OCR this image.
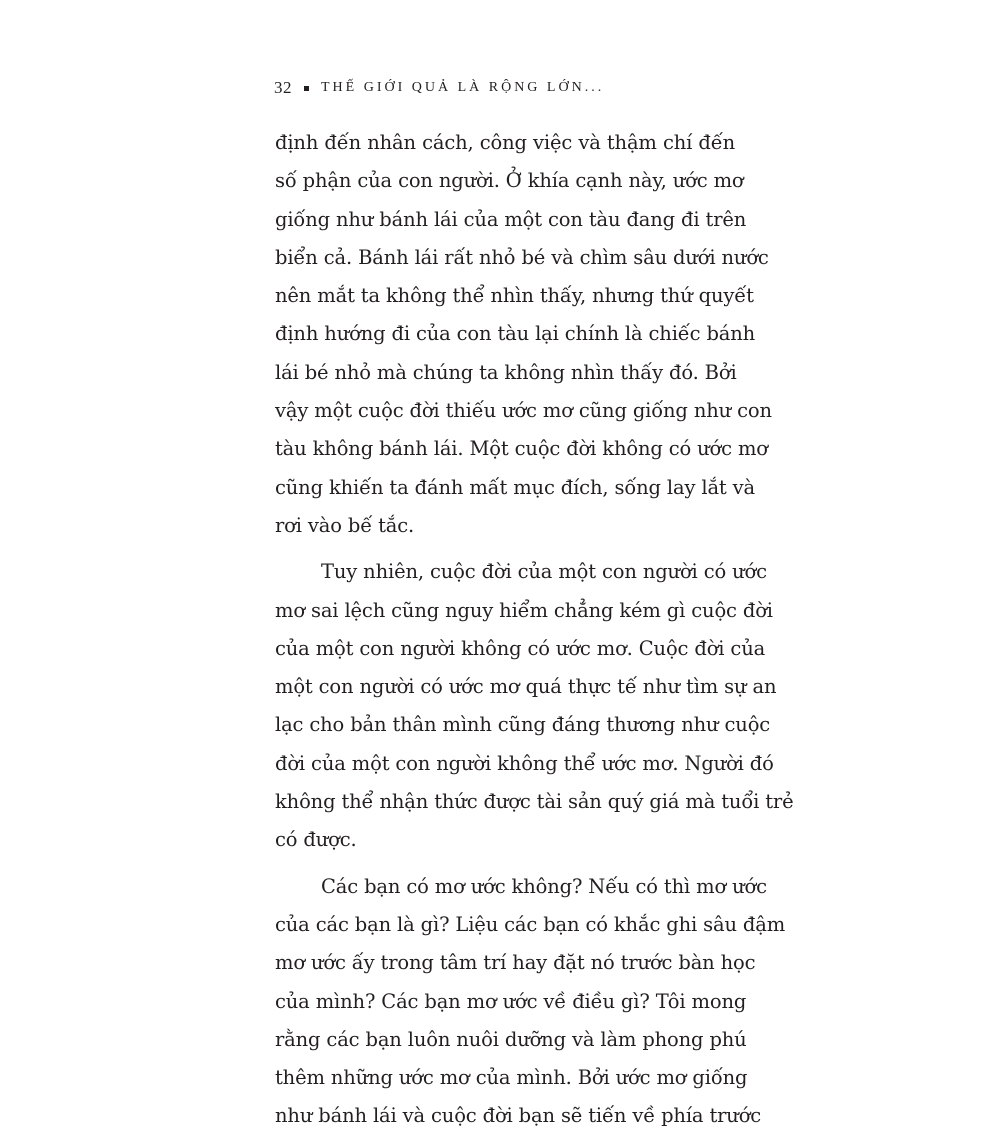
32 THẾ GIỚI QUẢ LÀ RỘNG LỚN...
định đến nhân cách, công việc và thậm chí đến
số phận của con người. Ở khía cạnh này, ước mơ
giống như bánh lái của một con tàu đang đi trên
biển cả. Bánh lái rất nhỏ bé và chìm sâu dưới nước
nên mắt ta không thể nhìn thấy, nhưng thứ quyết
định hướng đi của con tàu lại chính là chiếc bánh
lái bé nhỏ mà chúng ta không nhìn thấy đó. Bởi
vậy một cuộc đời thiếu ước mơ cũng giống như con
tàu không bánh lái. Một cuộc đời không có ước mơ
cũng khiến ta đánh mất mục đích, sống lay lắt và
rơi vào bế tắc.
Tuy nhiên, cuộc đời của một con người có ước
mơ sai lệch cũng nguy hiểm chẳng kém gì cuộc đời
của một con người không có ước mơ. Cuộc đời của
một con người có ước mơ quá thực tế như tìm sự an
lạc cho bản thân mình cũng đáng thương như cuộc
đời của một con người không thể ước mơ. Người đó
không thể nhận thức được tài sản quý giá mà tuổi trẻ
có được.
Các bạn có mơ ước không? Nếu có thì mơ ước
của các bạn là gì? Liệu các bạn có khắc ghi sâu đậm
mơ ước ấy trong tâm trí hay đặt nó trước bàn học
của mình? Các bạn mơ ước về điều gì? Tôi mong
rằng các bạn luôn nuôi dưỡng và làm phong phú
thêm những ước mơ của mình. Bởi ước mơ giống
như bánh lái và cuộc đời bạn sẽ tiến về phía trước
